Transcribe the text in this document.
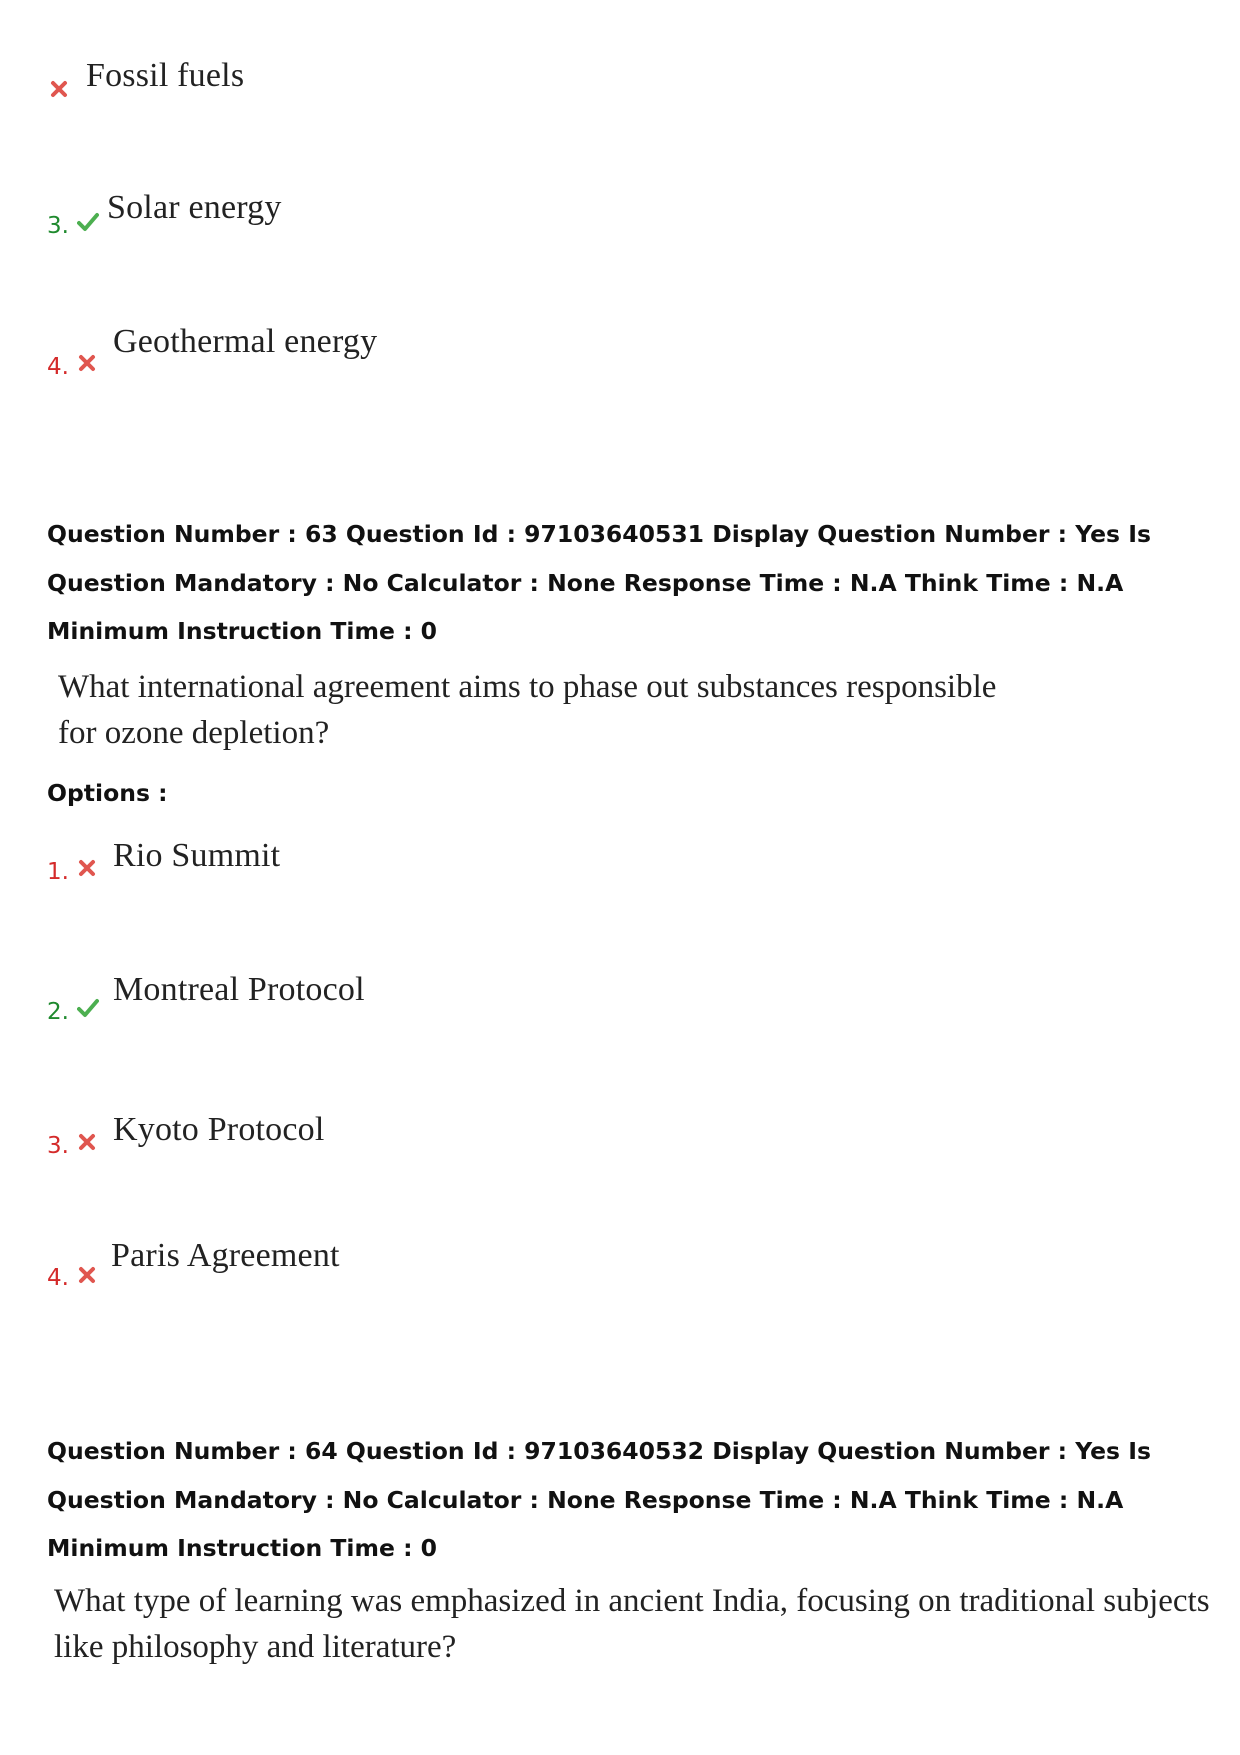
Fossil fuels
3. Solar energy
4.
Geothermal energy

Question Number : 63 Question Id : 97103640531 Display Question Number : Yes Is Question Mandatory : No Calculator : None Response Time : N.A Think Time : N.A Minimum Instruction Time : 0

What international agreement aims to phase out substances responsible
for ozone depletion?
Options :
1. Rio Summit
2.
Montreal Protocol
3. Kyoto Protocol
4.
Paris Agreement

Question Number : 64 Question Id : 97103640532 Display Question Number : Yes Is Question Mandatory : No Calculator : None Response Time : N.A Think Time : N.A Minimum Instruction Time : 0

What type of learning was emphasized in ancient India, focusing on traditional subjects
like philosophy and literature?
